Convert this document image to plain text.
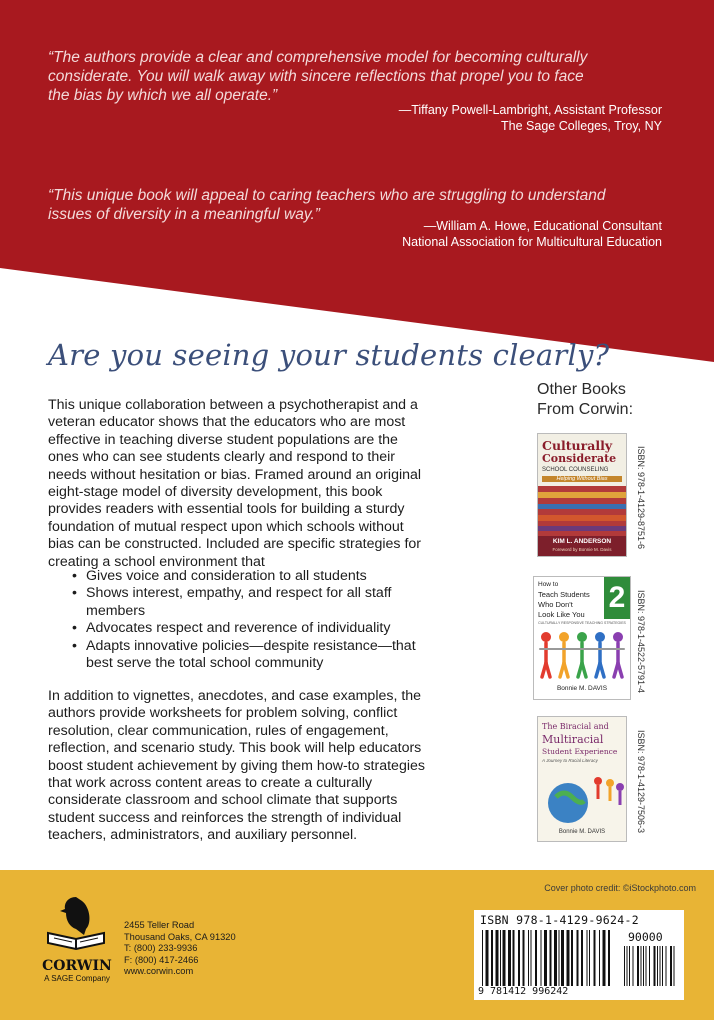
“The authors provide a clear and comprehensive model for becoming culturally
considerate. You will walk away with sincere reflections that propel you to face
the bias by which we all operate.”
—Tiffany Powell-Lambright, Assistant Professor
The Sage Colleges, Troy, NY
“This unique book will appeal to caring teachers who are struggling to understand
issues of diversity in a meaningful way.”
—William A. Howe, Educational Consultant
National Association for Multicultural Education
Are you seeing your students clearly?
This unique collaboration between a psychotherapist and a
veteran educator shows that the educators who are most
effective in teaching diverse student populations are the
ones who can see students clearly and respond to their
needs without hesitation or bias. Framed around an original
eight-stage model of diversity development, this book
provides readers with essential tools for building a sturdy
foundation of mutual respect upon which schools without
bias can be constructed. Included are specific strategies for
creating a school environment that
• Gives voice and consideration to all students
• Shows interest, empathy, and respect for all staff
members
• Advocates respect and reverence of individuality
• Adapts innovative policies—despite resistance—that
best serve the total school community
In addition to vignettes, anecdotes, and case examples, the
authors provide worksheets for problem solving, conflict
resolution, clear communication, rules of engagement,
reflection, and scenario study. This book will help educators
boost student achievement by giving them how-to strategies
that work across content areas to create a culturally
considerate classroom and school climate that supports
student success and reinforces the strength of individual
teachers, administrators, and auxiliary personnel.
Other Books
From Corwin:
Culturally
Considerate
SCHOOL COUNSELING
Helping Without Bias
KIM L. ANDERSON
Foreword by Bonnie M. Davis
ISBN: 978-1-4129-8751-6
How to
Teach Students
Who Don't
Look Like You
2
CULTURALLY RESPONSIVE TEACHING STRATEGIES
Bonnie M. DAVIS	ISBN: 978-1-4522-5791-4
The Biracial and
Multiracial
Student Experience
A Journey to Racial Literacy
Bonnie M. DAVIS	ISBN: 978-1-4129-7506-3
Cover photo credit: ©iStockphoto.com
CORWIN
A SAGE Company
2455 Teller Road
Thousand Oaks, CA 91320
T: (800) 233-9936
F: (800) 417-2466
www.corwin.com
ISBN 978-1-4129-9624-2
90000
9 781412 996242
